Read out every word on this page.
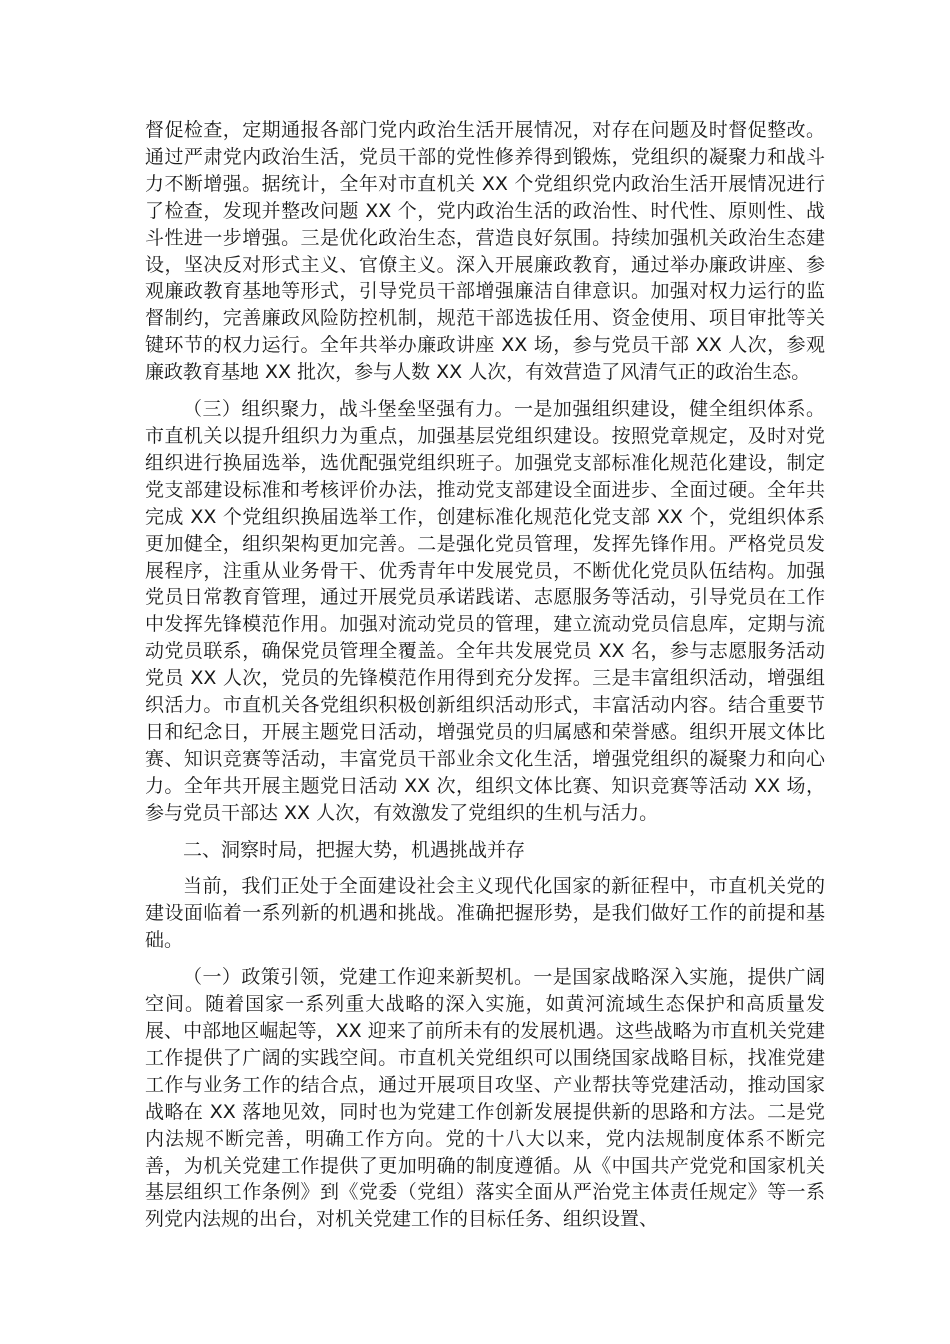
督促检查，定期通报各部门党内政治生活开展情况，对存在问题及时督促整改。通过严肃党内政治生活，党员干部的党性修养得到锻炼，党组织的凝聚力和战斗力不断增强。据统计，全年对市直机关 XX 个党组织党内政治生活开展情况进行了检查，发现并整改问题 XX 个，党内政治生活的政治性、时代性、原则性、战斗性进一步增强。三是优化政治生态，营造良好氛围。持续加强机关政治生态建设，坚决反对形式主义、官僚主义。深入开展廉政教育，通过举办廉政讲座、参观廉政教育基地等形式，引导党员干部增强廉洁自律意识。加强对权力运行的监督制约，完善廉政风险防控机制，规范干部选拔任用、资金使用、项目审批等关键环节的权力运行。全年共举办廉政讲座 XX 场，参与党员干部 XX 人次，参观廉政教育基地 XX 批次，参与人数 XX 人次，有效营造了风清气正的政治生态。

（三）组织聚力，战斗堡垒坚强有力。一是加强组织建设，健全组织体系。市直机关以提升组织力为重点，加强基层党组织建设。按照党章规定，及时对党组织进行换届选举，选优配强党组织班子。加强党支部标准化规范化建设，制定党支部建设标准和考核评价办法，推动党支部建设全面进步、全面过硬。全年共完成 XX 个党组织换届选举工作，创建标准化规范化党支部 XX 个，党组织体系更加健全，组织架构更加完善。二是强化党员管理，发挥先锋作用。严格党员发展程序，注重从业务骨干、优秀青年中发展党员，不断优化党员队伍结构。加强党员日常教育管理，通过开展党员承诺践诺、志愿服务等活动，引导党员在工作中发挥先锋模范作用。加强对流动党员的管理，建立流动党员信息库，定期与流动党员联系，确保党员管理全覆盖。全年共发展党员 XX 名，参与志愿服务活动党员 XX 人次，党员的先锋模范作用得到充分发挥。三是丰富组织活动，增强组织活力。市直机关各党组织积极创新组织活动形式，丰富活动内容。结合重要节日和纪念日，开展主题党日活动，增强党员的归属感和荣誉感。组织开展文体比赛、知识竞赛等活动，丰富党员干部业余文化生活，增强党组织的凝聚力和向心力。全年共开展主题党日活动 XX 次，组织文体比赛、知识竞赛等活动 XX 场，参与党员干部达 XX 人次，有效激发了党组织的生机与活力。

二、洞察时局，把握大势，机遇挑战并存

当前，我们正处于全面建设社会主义现代化国家的新征程中，市直机关党的建设面临着一系列新的机遇和挑战。准确把握形势，是我们做好工作的前提和基础。

（一）政策引领，党建工作迎来新契机。一是国家战略深入实施，提供广阔空间。随着国家一系列重大战略的深入实施，如黄河流域生态保护和高质量发展、中部地区崛起等，XX 迎来了前所未有的发展机遇。这些战略为市直机关党建工作提供了广阔的实践空间。市直机关党组织可以围绕国家战略目标，找准党建工作与业务工作的结合点，通过开展项目攻坚、产业帮扶等党建活动，推动国家战略在 XX 落地见效，同时也为党建工作创新发展提供新的思路和方法。二是党内法规不断完善，明确工作方向。党的十八大以来，党内法规制度体系不断完善，为机关党建工作提供了更加明确的制度遵循。从《中国共产党党和国家机关基层组织工作条例》到《党委（党组）落实全面从严治党主体责任规定》等一系列党内法规的出台，对机关党建工作的目标任务、组织设置、
